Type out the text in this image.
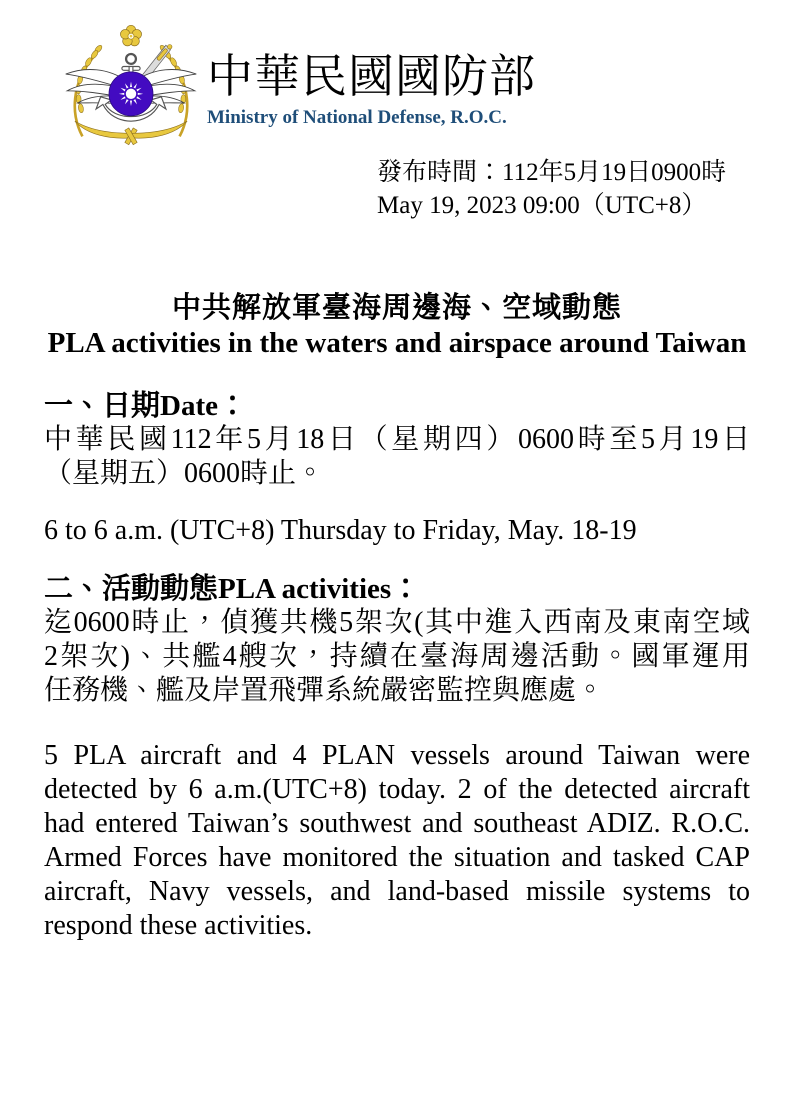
中華民國國防部
Ministry of National Defense, R.O.C.
發布時間：112年5月19日0900時
May 19, 2023 09:00（UTC+8）
中共解放軍臺海周邊海、空域動態
PLA activities in the waters and airspace around Taiwan
一、日期Date：
中華民國112年5月18日（星期四）0600時至5月19日
（星期五）0600時止。
6 to 6 a.m. (UTC+8) Thursday to Friday, May. 18-19
二、活動動態PLA activities：
迄0600時止，偵獲共機5架次(其中進入西南及東南空域
2架次)、共艦4艘次，持續在臺海周邊活動。國軍運用
任務機、艦及岸置飛彈系統嚴密監控與應處。
5 PLA aircraft and 4 PLAN vessels around Taiwan were
detected by 6 a.m.(UTC+8) today. 2 of the detected aircraft
had entered Taiwan’s southwest and southeast ADIZ. R.O.C.
Armed Forces have monitored the situation and tasked CAP
aircraft, Navy vessels, and land-based missile systems to
respond these activities.
